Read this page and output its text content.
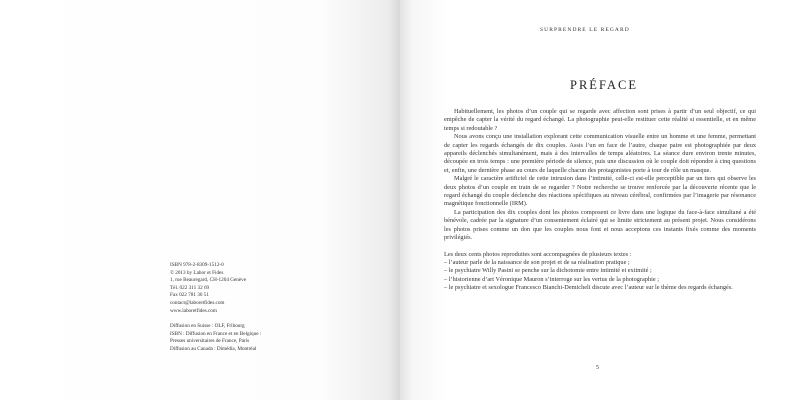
ISBN 978-2-8309-1512-0
© 2013 by Labor et Fides
1, rue Beauregard, CH-1204 Genève
Tél. 022 311 32 69
Fax 022 781 30 51
contact@laboretfides.com
www.laboretfides.com
Diffusion en Suisse : OLF, Fribourg
ISBN : Diffusion en France et en Belgique :
Presses universitaires de France, Paris
Diffusion au Canada : Dimédia, Montréal
SURPRENDRE LE REGARD
PRÉFACE

Habituellement, les photos d’un couple qui se regarde avec affection sont prises à partir d’un seul objectif, ce qui empêche de capter la vérité du regard échangé. La photographie peut-elle restituer cette réalité si essentielle, et en même temps si redoutable ?

Nous avons conçu une installation explorant cette communication visuelle entre un homme et une femme, permettant de capter les regards échangés de dix couples. Assis l’un en face de l’autre, chaque paire est photographiée par deux appareils déclenchés simultanément, mais à des intervalles de temps aléatoires. La séance dure environ trente minutes, découpée en trois temps : une première période de silence, puis une discussion où le couple doit répondre à cinq questions et, enfin, une dernière phase au cours de laquelle chacun des protagonistes porte à tour de rôle un masque.

Malgré le caractère artificiel de cette intrusion dans l’intimité, celle-ci est-elle perceptible par un tiers qui observe les deux photos d’un couple en train de se regarder ? Notre recherche se trouve renforcée par la découverte récente que le regard échangé du couple déclenche des réactions spécifiques au niveau cérébral, confirmées par l’imagerie par résonance magnétique fonctionnelle (IRM).

La participation des dix couples dont les photos composent ce livre dans une logique du face-à-face simultané a été bénévole, cadrée par la signature d’un consentement éclairé qui se limite strictement au présent projet. Nous considérons les photos prises comme un don que les couples nous font et nous acceptons ces instants fixés comme des moments privilégiés.

Les deux cents photos reproduites sont accompagnées de plusieurs textes :

– l’auteur parle de la naissance de son projet et de sa réalisation pratique ;

– le psychiatre Willy Pasini se penche sur la dichotomie entre intimité et extimité ;

– l’historienne d’art Véronique Mauron s’interroge sur les vertus de la photographie ;

– le psychiatre et sexologue Francesco Bianchi-Demicheli discute avec l’auteur sur le thème des regards échangés.

5
